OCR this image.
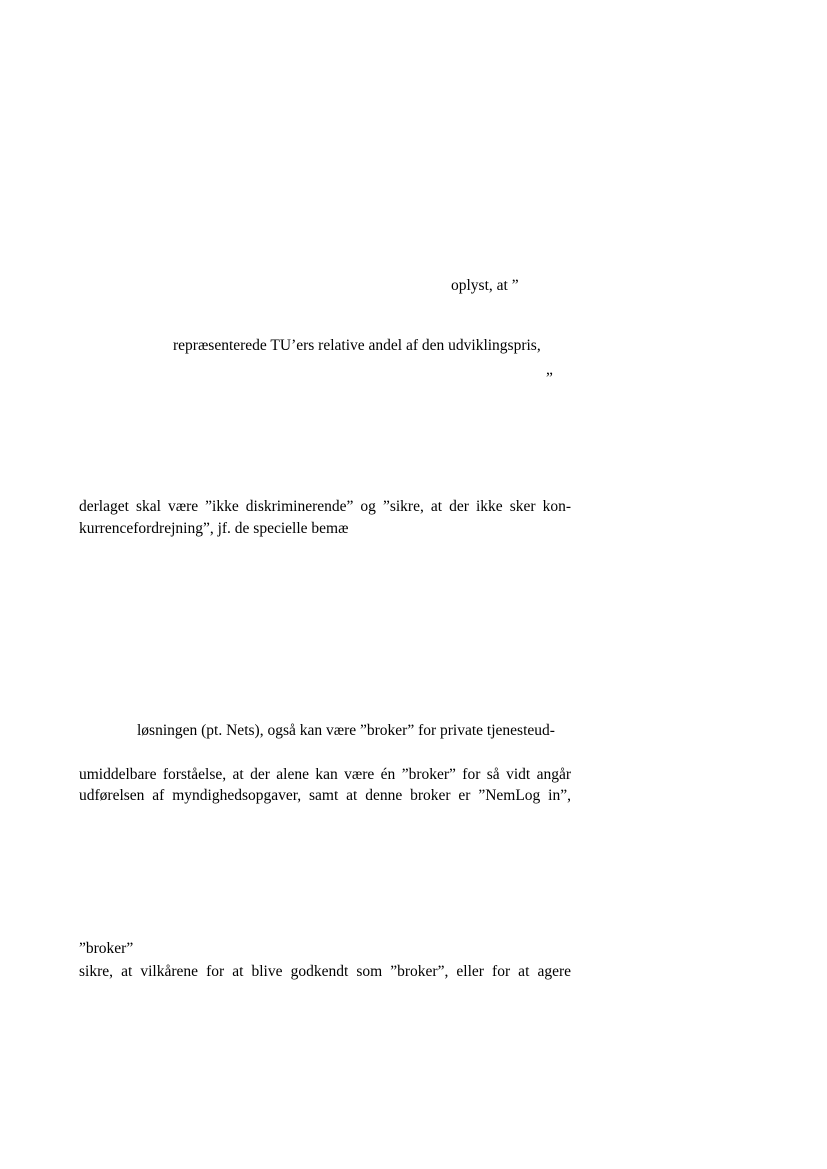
oplyst, at ”
repræsenterede TU’ers relative andel af den udviklingspris,
”
derlaget skal være ”ikke diskriminerende” og ”sikre, at der ikke sker kon-
kurrencefordrejning”, jf. de specielle bemæ
løsningen (pt. Nets), også kan være ”broker” for private tjenesteud-
umiddelbare forståelse, at der alene kan være én ”broker” for så vidt angår
udførelsen af myndighedsopgaver, samt at denne broker er ”NemLog in”,
”broker”
sikre, at vilkårene for at blive godkendt som ”broker”, eller for at agere
